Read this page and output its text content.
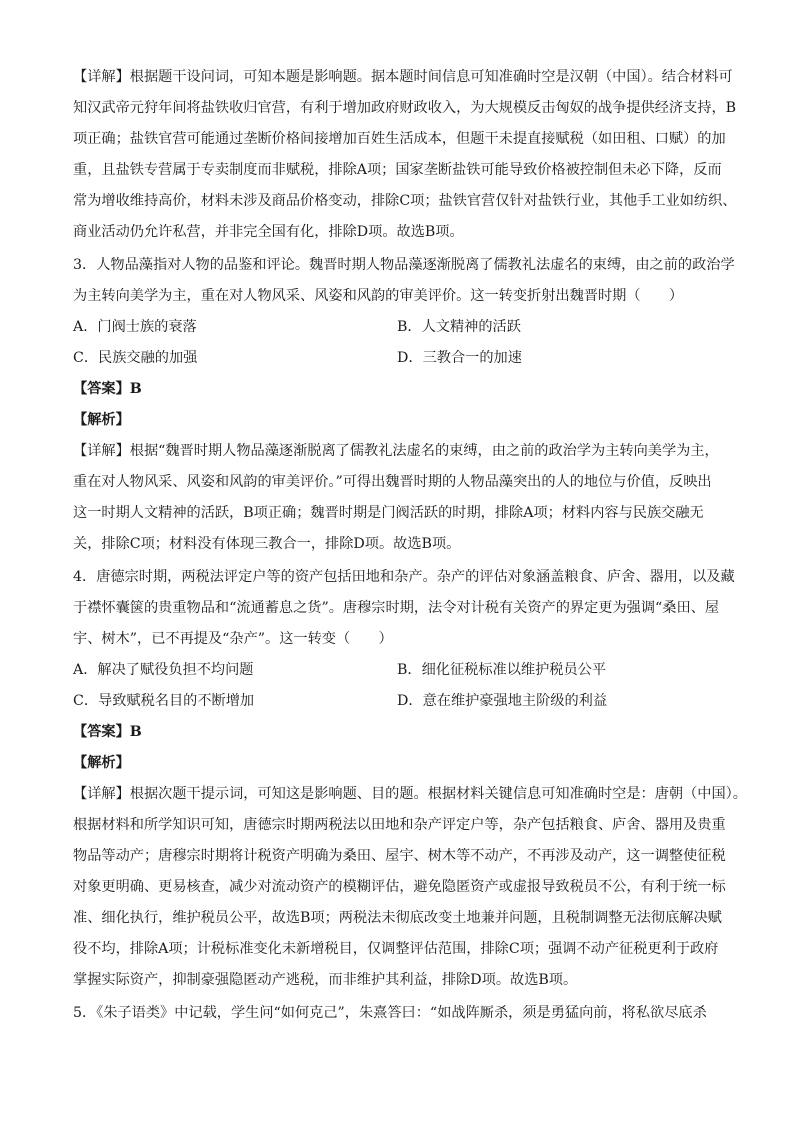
【详解】根据题干设问词，可知本题是影响题。据本题时间信息可知准确时空是汉朝（中国）。结合材料可
知汉武帝元狩年间将盐铁收归官营，有利于增加政府财政收入，为大规模反击匈奴的战争提供经济支持，B
项正确；盐铁官营可能通过垄断价格间接增加百姓生活成本，但题干未提直接赋税（如田租、口赋）的加
重，且盐铁专营属于专卖制度而非赋税，排除A项；国家垄断盐铁可能导致价格被控制但未必下降，反而
常为增收维持高价，材料未涉及商品价格变动，排除C项；盐铁官营仅针对盐铁行业，其他手工业如纺织、
商业活动仍允许私营，并非完全国有化，排除D项。故选B项。
3．人物品藻指对人物的品鉴和评论。魏晋时期人物品藻逐渐脱离了儒教礼法虚名的束缚，由之前的政治学
为主转向美学为主，重在对人物风采、风姿和风韵的审美评价。这一转变折射出魏晋时期（　　）
A．门阀士族的衰落	B．人文精神的活跃
C．民族交融的加强	D．三教合一的加速
【答案】B
【解析】
【详解】根据“魏晋时期人物品藻逐渐脱离了儒教礼法虚名的束缚，由之前的政治学为主转向美学为主，
重在对人物风采、风姿和风韵的审美评价。”可得出魏晋时期的人物品藻突出的人的地位与价值，反映出
这一时期人文精神的活跃，B项正确；魏晋时期是门阀活跃的时期，排除A项；材料内容与民族交融无
关，排除C项；材料没有体现三教合一，排除D项。故选B项。
4．唐德宗时期，两税法评定户等的资产包括田地和杂产。杂产的评估对象涵盖粮食、庐舍、器用，以及藏
于襟怀囊箧的贵重物品和“流通蓄息之货”。唐穆宗时期，法令对计税有关资产的界定更为强调“桑田、屋
宇、树木”，已不再提及“杂产”。这一转变（　　）
A．解决了赋役负担不均问题	B．细化征税标准以维护税员公平
C．导致赋税名目的不断增加	D．意在维护豪强地主阶级的利益
【答案】B
【解析】
【详解】根据次题干提示词，可知这是影响题、目的题。根据材料关键信息可知准确时空是：唐朝（中国）。
根据材料和所学知识可知，唐德宗时期两税法以田地和杂产评定户等，杂产包括粮食、庐舍、器用及贵重
物品等动产；唐穆宗时期将计税资产明确为桑田、屋宇、树木等不动产，不再涉及动产，这一调整使征税
对象更明确、更易核查，减少对流动资产的模糊评估，避免隐匿资产或虚报导致税员不公，有利于统一标
准、细化执行，维护税员公平，故选B项；两税法未彻底改变土地兼并问题，且税制调整无法彻底解决赋
役不均，排除A项；计税标准变化未新增税目，仅调整评估范围，排除C项；强调不动产征税更利于政府
掌握实际资产，抑制豪强隐匿动产逃税，而非维护其利益，排除D项。故选B项。
5．《朱子语类》中记载，学生问“如何克己”，朱熹答曰：“如战阵厮杀，须是勇猛向前，将私欲尽底杀
